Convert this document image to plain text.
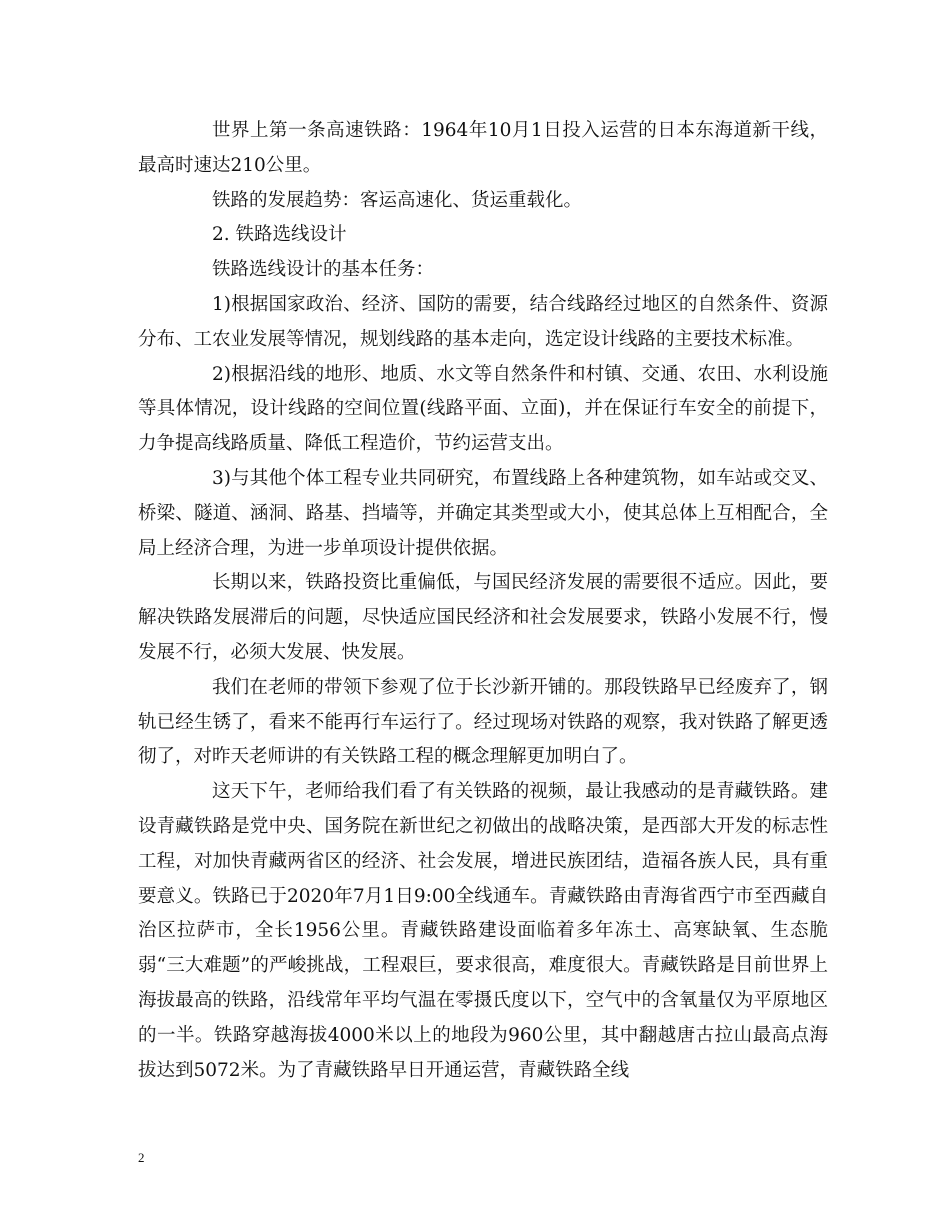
世界上第一条高速铁路：1964年10月1日投入运营的日本东海道新干线，最高时速达210公里。

铁路的发展趋势：客运高速化、货运重载化。

2. 铁路选线设计

铁路选线设计的基本任务：

1)根据国家政治、经济、国防的需要，结合线路经过地区的自然条件、资源分布、工农业发展等情况，规划线路的基本走向，选定设计线路的主要技术标准。

2)根据沿线的地形、地质、水文等自然条件和村镇、交通、农田、水利设施等具体情况，设计线路的空间位置(线路平面、立面)，并在保证行车安全的前提下，力争提高线路质量、降低工程造价，节约运营支出。

3)与其他个体工程专业共同研究，布置线路上各种建筑物，如车站或交叉、桥梁、隧道、涵洞、路基、挡墙等，并确定其类型或大小，使其总体上互相配合，全局上经济合理，为进一步单项设计提供依据。

长期以来，铁路投资比重偏低，与国民经济发展的需要很不适应。因此，要解决铁路发展滞后的问题，尽快适应国民经济和社会发展要求，铁路小发展不行，慢发展不行，必须大发展、快发展。

我们在老师的带领下参观了位于长沙新开铺的。那段铁路早已经废弃了，钢轨已经生锈了，看来不能再行车运行了。经过现场对铁路的观察，我对铁路了解更透彻了，对昨天老师讲的有关铁路工程的概念理解更加明白了。

这天下午，老师给我们看了有关铁路的视频，最让我感动的是青藏铁路。建设青藏铁路是党中央、国务院在新世纪之初做出的战略决策，是西部大开发的标志性工程，对加快青藏两省区的经济、社会发展，增进民族团结，造福各族人民，具有重要意义。铁路已于2020年7月1日9:00全线通车。青藏铁路由青海省西宁市至西藏自治区拉萨市，全长1956公里。青藏铁路建设面临着多年冻土、高寒缺氧、生态脆弱“三大难题”的严峻挑战，工程艰巨，要求很高，难度很大。青藏铁路是目前世界上海拔最高的铁路，沿线常年平均气温在零摄氏度以下，空气中的含氧量仅为平原地区的一半。铁路穿越海拔4000米以上的地段为960公里，其中翻越唐古拉山最高点海拔达到5072米。为了青藏铁路早日开通运营，青藏铁路全线

2
